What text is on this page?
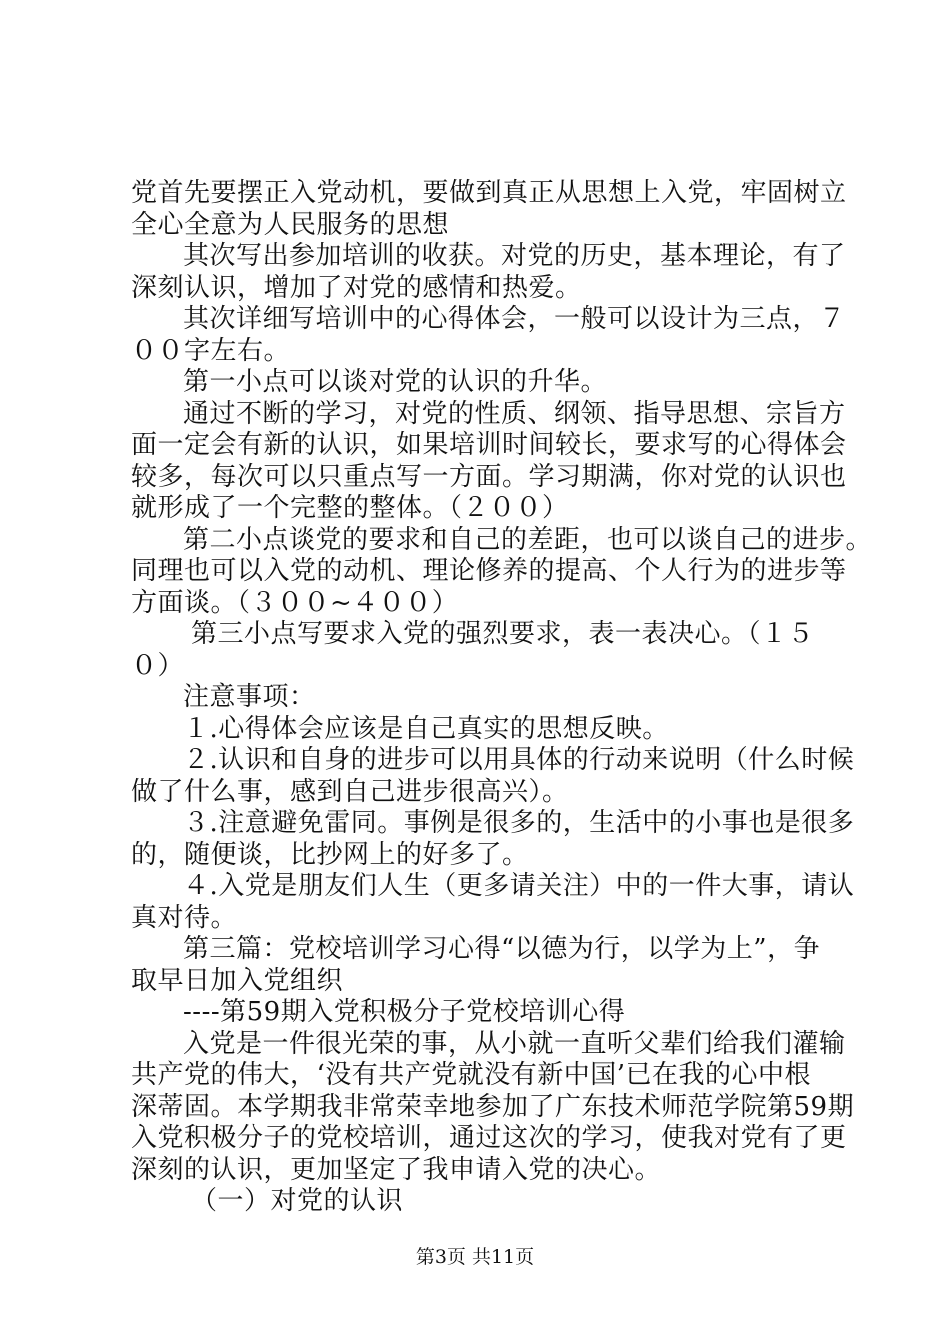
党首先要摆正入党动机，要做到真正从思想上入党，牢固树立
全心全意为人民服务的思想
其次写出参加培训的收获。对党的历史，基本理论，有了
深刻认识，增加了对党的感情和热爱。
其次详细写培训中的心得体会，一般可以设计为三点，７
００字左右。
第一小点可以谈对党的认识的升华。
通过不断的学习，对党的性质、纲领、指导思想、宗旨方
面一定会有新的认识，如果培训时间较长，要求写的心得体会
较多，每次可以只重点写一方面。学习期满，你对党的认识也
就形成了一个完整的整体。（２００）
第二小点谈党的要求和自己的差距，也可以谈自己的进步。
同理也可以入党的动机、理论修养的提高、个人行为的进步等
方面谈。（３００~４００）
第三小点写要求入党的强烈要求，表一表决心。（１５
０）
注意事项：
１.心得体会应该是自己真实的思想反映。
２.认识和自身的进步可以用具体的行动来说明（什么时候
做了什么事，感到自己进步很高兴）。
３.注意避免雷同。事例是很多的，生活中的小事也是很多
的，随便谈，比抄网上的好多了。
４.入党是朋友们人生（更多请关注）中的一件大事，请认
真对待。
第三篇：党校培训学习心得“以德为行，以学为上”，争
取早日加入党组织
----第59期入党积极分子党校培训心得
入党是一件很光荣的事，从小就一直听父辈们给我们灌输
共产党的伟大，‘没有共产党就没有新中国’已在我的心中根
深蒂固。本学期我非常荣幸地参加了广东技术师范学院第59期
入党积极分子的党校培训，通过这次的学习，使我对党有了更
深刻的认识，更加坚定了我申请入党的决心。
（一）对党的认识
第3页 共11页
